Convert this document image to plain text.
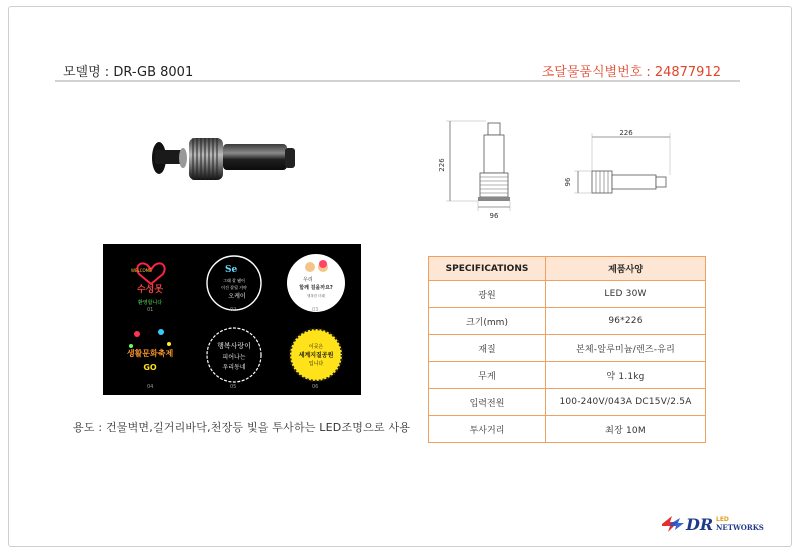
모델명 : DR-GB 8001	조달물품식별번호 : 24877912
226
96
226
96
WELCOME
수성못
환영합니다
01
Se
그래 잘 됐어
이건 잘될 거야
오케이
02
우리
함께 걸을까요?
행복한 미래
03
생활문화축제
GO
04
행복사랑이
피어나는
우리동네
05
이곳은
세계지질공원
입니다
06
용도 : 건물벽면,길거리바닥,천장등 빛을 투사하는 LED조명으로 사용
SPECIFICATIONS	제품사양
광원	LED 30W
크기(mm)	96*226
재질	본체-알루미늄/렌즈-유리
무게	약 1.1kg
입력전원	100-240V/043A DC15V/2.5A
투사거리	최장 10M
DR LED
NETWORKS
